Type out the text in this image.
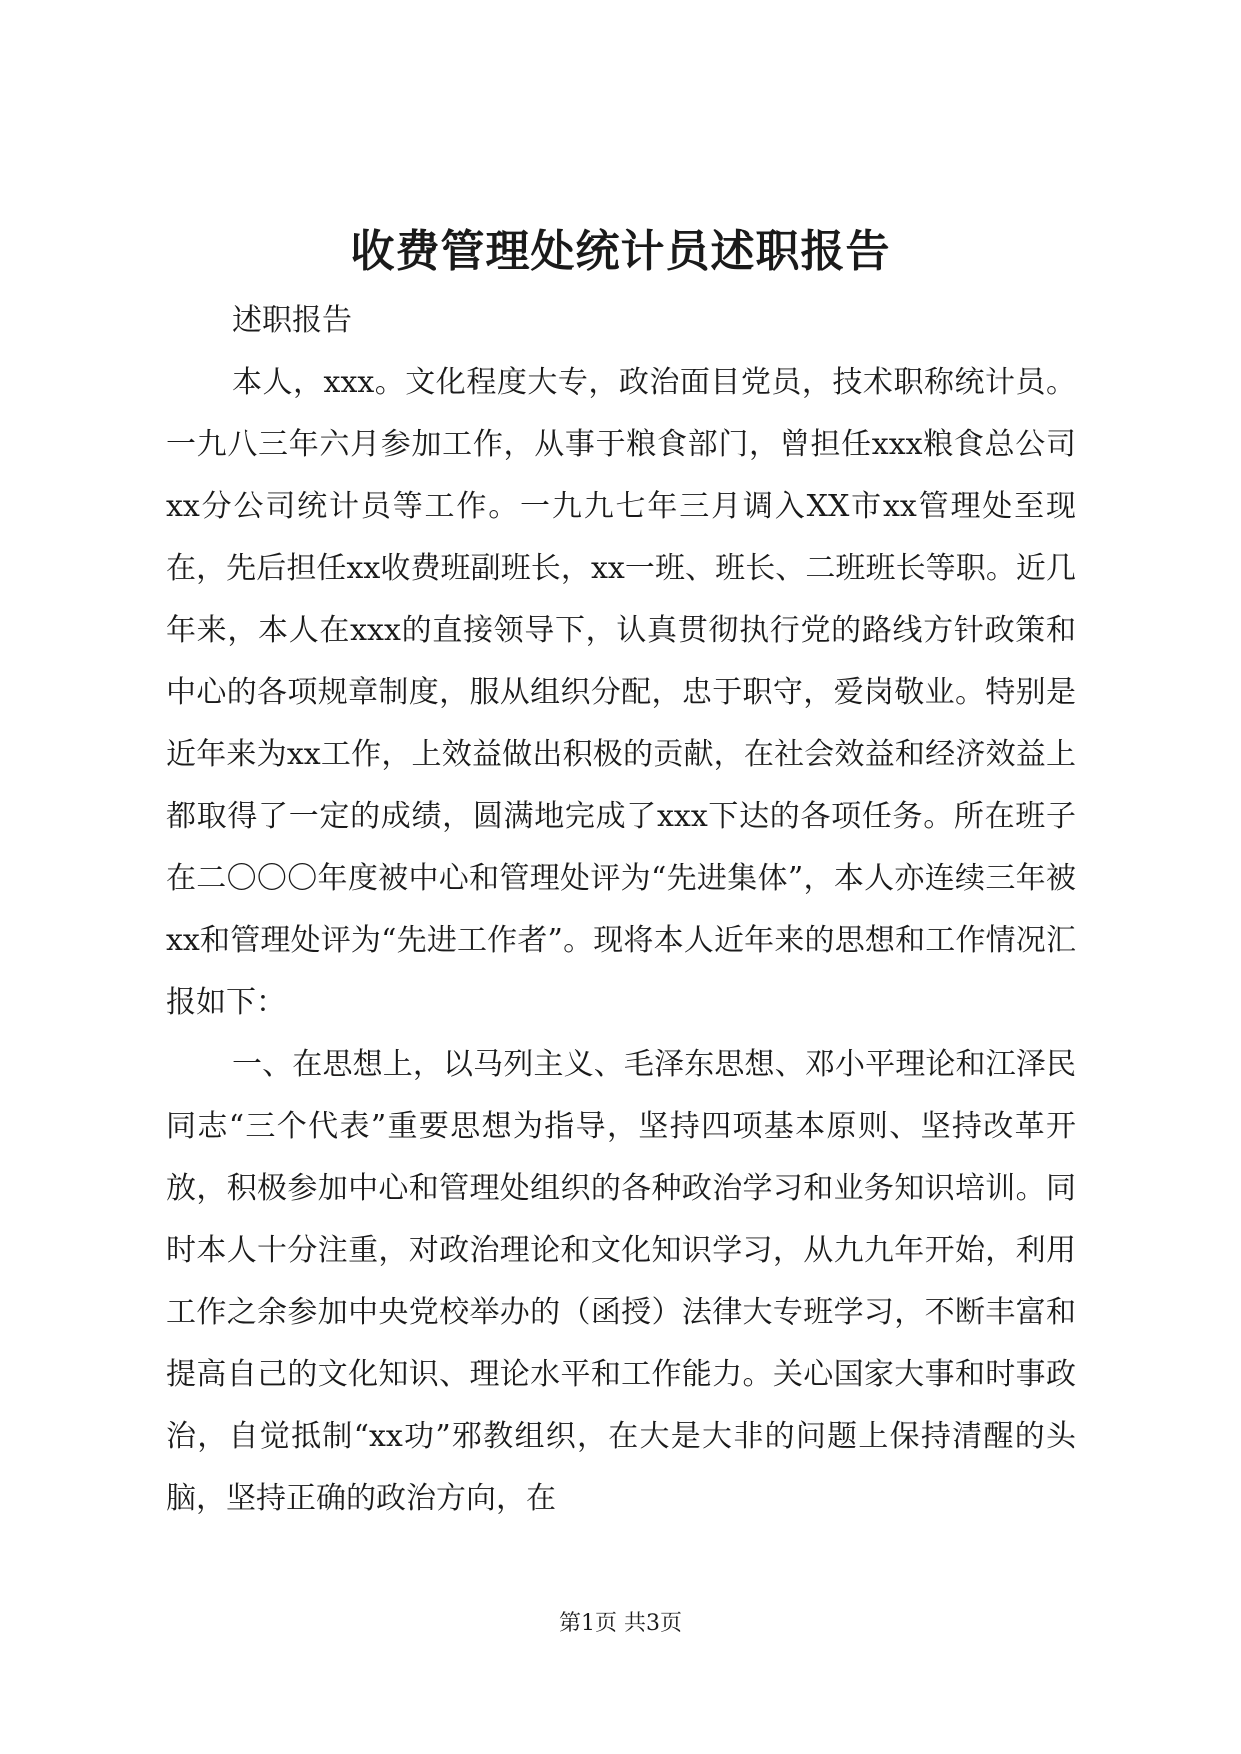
收费管理处统计员述职报告

述职报告

本人，xxx。文化程度大专，政治面目党员，技术职称统计员。一九八三年六月参加工作，从事于粮食部门，曾担任xxx粮食总公司xx分公司统计员等工作。一九九七年三月调入XX市xx管理处至现在，先后担任xx收费班副班长，xx一班、班长、二班班长等职。近几年来，本人在xxx的直接领导下，认真贯彻执行党的路线方针政策和中心的各项规章制度，服从组织分配，忠于职守，爱岗敬业。特别是近年来为xx工作，上效益做出积极的贡献，在社会效益和经济效益上都取得了一定的成绩，圆满地完成了xxx下达的各项任务。所在班子在二〇〇〇年度被中心和管理处评为“先进集体”，本人亦连续三年被xx和管理处评为“先进工作者”。现将本人近年来的思想和工作情况汇报如下：

一、在思想上，以马列主义、毛泽东思想、邓小平理论和江泽民同志“三个代表”重要思想为指导，坚持四项基本原则、坚持改革开放，积极参加中心和管理处组织的各种政治学习和业务知识培训。同时本人十分注重，对政治理论和文化知识学习，从九九年开始，利用工作之余参加中央党校举办的（函授）法律大专班学习，不断丰富和提高自己的文化知识、理论水平和工作能力。关心国家大事和时事政治，自觉抵制“xx功”邪教组织，在大是大非的问题上保持清醒的头脑，坚持正确的政治方向，在

第1页 共3页
